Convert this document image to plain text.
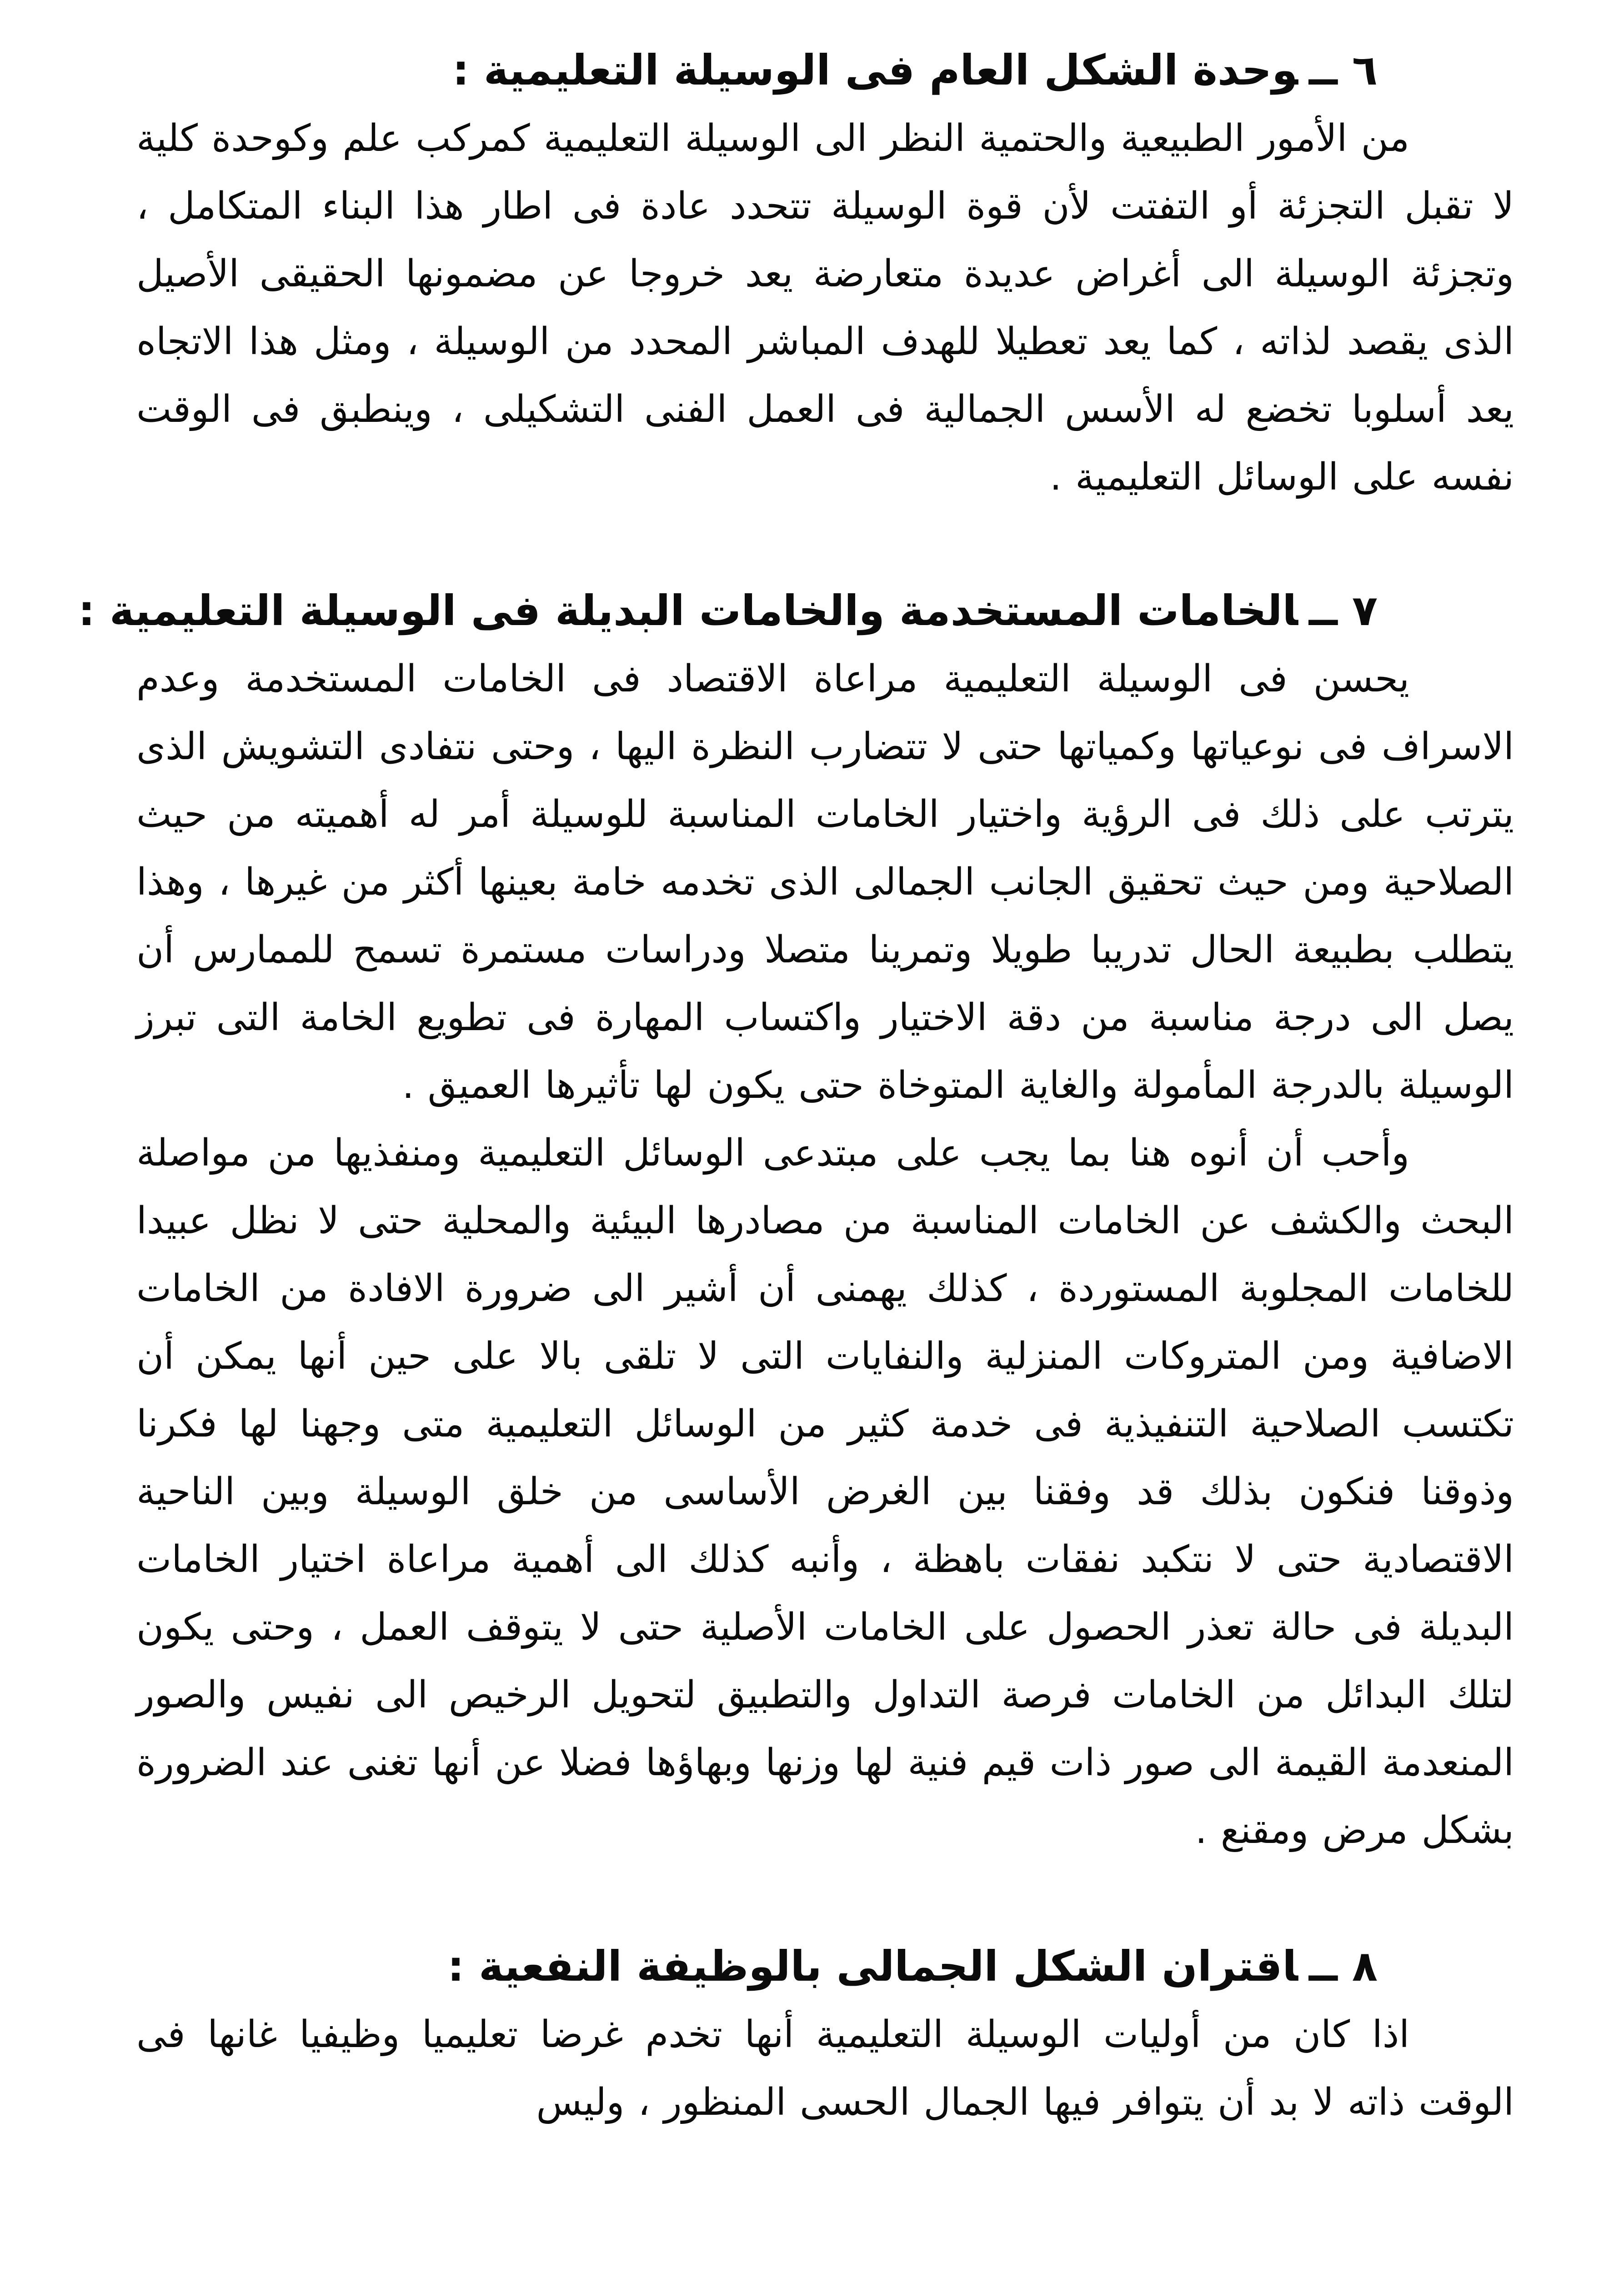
٦ ــوحدة الشكل العام فى الوسيلة التعليمية :

من الأمور الطبيعية والحتمية النظر الى الوسيلة التعليمية كمركب علم وكوحدة كلية لا تقبل التجزئة أو التفتت لأن قوة الوسيلة تتحدد عادة فى اطار هذا البناء المتكامل ، وتجزئة الوسيلة الى أغراض عديدة متعارضة يعد خروجا عن مضمونها الحقيقى الأصيل الذى يقصد لذاته ، كما يعد تعطيلا للهدف المباشر المحدد من الوسيلة ، ومثل هذا الاتجاه يعد أسلوبا تخضع له الأسس الجمالية فى العمل الفنى التشكيلى ، وينطبق فى الوقت نفسه على الوسائل التعليمية .

٧ ــالخامات المستخدمة والخامات البديلة فى الوسيلة التعليمية :

يحسن فى الوسيلة التعليمية مراعاة الاقتصاد فى الخامات المستخدمة وعدم الاسراف فى نوعياتها وكمياتها حتى لا تتضارب النظرة اليها ، وحتى نتفادى التشويش الذى يترتب على ذلك فى الرؤية واختيار الخامات المناسبة للوسيلة أمر له أهميته من حيث الصلاحية ومن حيث تحقيق الجانب الجمالى الذى تخدمه خامة بعينها أكثر من غيرها ، وهذا يتطلب بطبيعة الحال تدريبا طويلا وتمرينا متصلا ودراسات مستمرة تسمح للممارس أن يصل الى درجة مناسبة من دقة الاختيار واكتساب المهارة فى تطويع الخامة التى تبرز الوسيلة بالدرجة المأمولة والغاية المتوخاة حتى يكون لها تأثيرها العميق .

وأحب أن أنوه هنا بما يجب على مبتدعى الوسائل التعليمية ومنفذيها من مواصلة البحث والكشف عن الخامات المناسبة من مصادرها البيئية والمحلية حتى لا نظل عبيدا للخامات المجلوبة المستوردة ، كذلك يهمنى أن أشير الى ضرورة الافادة من الخامات الاضافية ومن المتروكات المنزلية والنفايات التى لا تلقى بالا على حين أنها يمكن أن تكتسب الصلاحية التنفيذية فى خدمة كثير من الوسائل التعليمية متى وجهنا لها فكرنا وذوقنا فنكون بذلك قد وفقنا بين الغرض الأساسى من خلق الوسيلة وبين الناحية الاقتصادية حتى لا نتكبد نفقات باهظة ، وأنبه كذلك الى أهمية مراعاة اختيار الخامات البديلة فى حالة تعذر الحصول على الخامات الأصلية حتى لا يتوقف العمل ، وحتى يكون لتلك البدائل من الخامات فرصة التداول والتطبيق لتحويل الرخيص الى نفيس والصور المنعدمة القيمة الى صور ذات قيم فنية لها وزنها وبهاؤها فضلا عن أنها تغنى عند الضرورة بشكل مرض ومقنع .

٨ ــاقتران الشكل الجمالى بالوظيفة النفعية :

اذا كان من أوليات الوسيلة التعليمية أنها تخدم غرضا تعليميا وظيفيا غانها فى الوقت ذاته لا بد أن يتوافر فيها الجمال الحسى المنظور ، وليس
